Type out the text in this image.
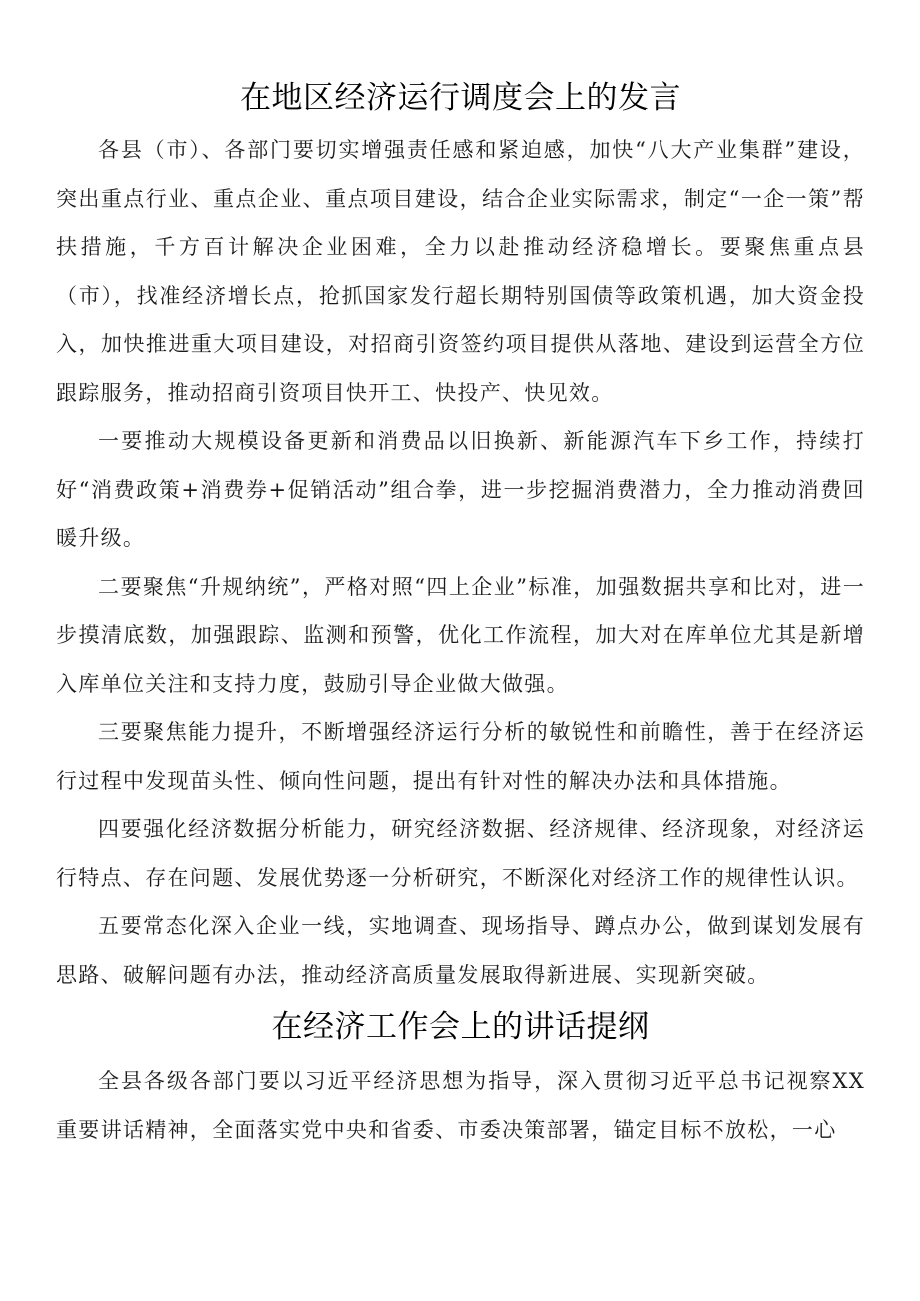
在地区经济运行调度会上的发言

各县（市）、各部门要切实增强责任感和紧迫感，加快“八大产业集群”建设，突出重点行业、重点企业、重点项目建设，结合企业实际需求，制定“一企一策”帮扶措施，千方百计解决企业困难，全力以赴推动经济稳增长。要聚焦重点县（市），找准经济增长点，抢抓国家发行超长期特别国债等政策机遇，加大资金投入，加快推进重大项目建设，对招商引资签约项目提供从落地、建设到运营全方位跟踪服务，推动招商引资项目快开工、快投产、快见效。

一要推动大规模设备更新和消费品以旧换新、新能源汽车下乡工作，持续打好“消费政策+消费券+促销活动”组合拳，进一步挖掘消费潜力，全力推动消费回暖升级。

二要聚焦“升规纳统”，严格对照“四上企业”标准，加强数据共享和比对，进一步摸清底数，加强跟踪、监测和预警，优化工作流程，加大对在库单位尤其是新增入库单位关注和支持力度，鼓励引导企业做大做强。

三要聚焦能力提升，不断增强经济运行分析的敏锐性和前瞻性，善于在经济运行过程中发现苗头性、倾向性问题，提出有针对性的解决办法和具体措施。

四要强化经济数据分析能力，研究经济数据、经济规律、经济现象，对经济运行特点、存在问题、发展优势逐一分析研究，不断深化对经济工作的规律性认识。

五要常态化深入企业一线，实地调查、现场指导、蹲点办公，做到谋划发展有思路、破解问题有办法，推动经济高质量发展取得新进展、实现新突破。

在经济工作会上的讲话提纲

全县各级各部门要以习近平经济思想为指导，深入贯彻习近平总书记视察XX重要讲话精神，全面落实党中央和省委、市委决策部署，锚定目标不放松，一心
